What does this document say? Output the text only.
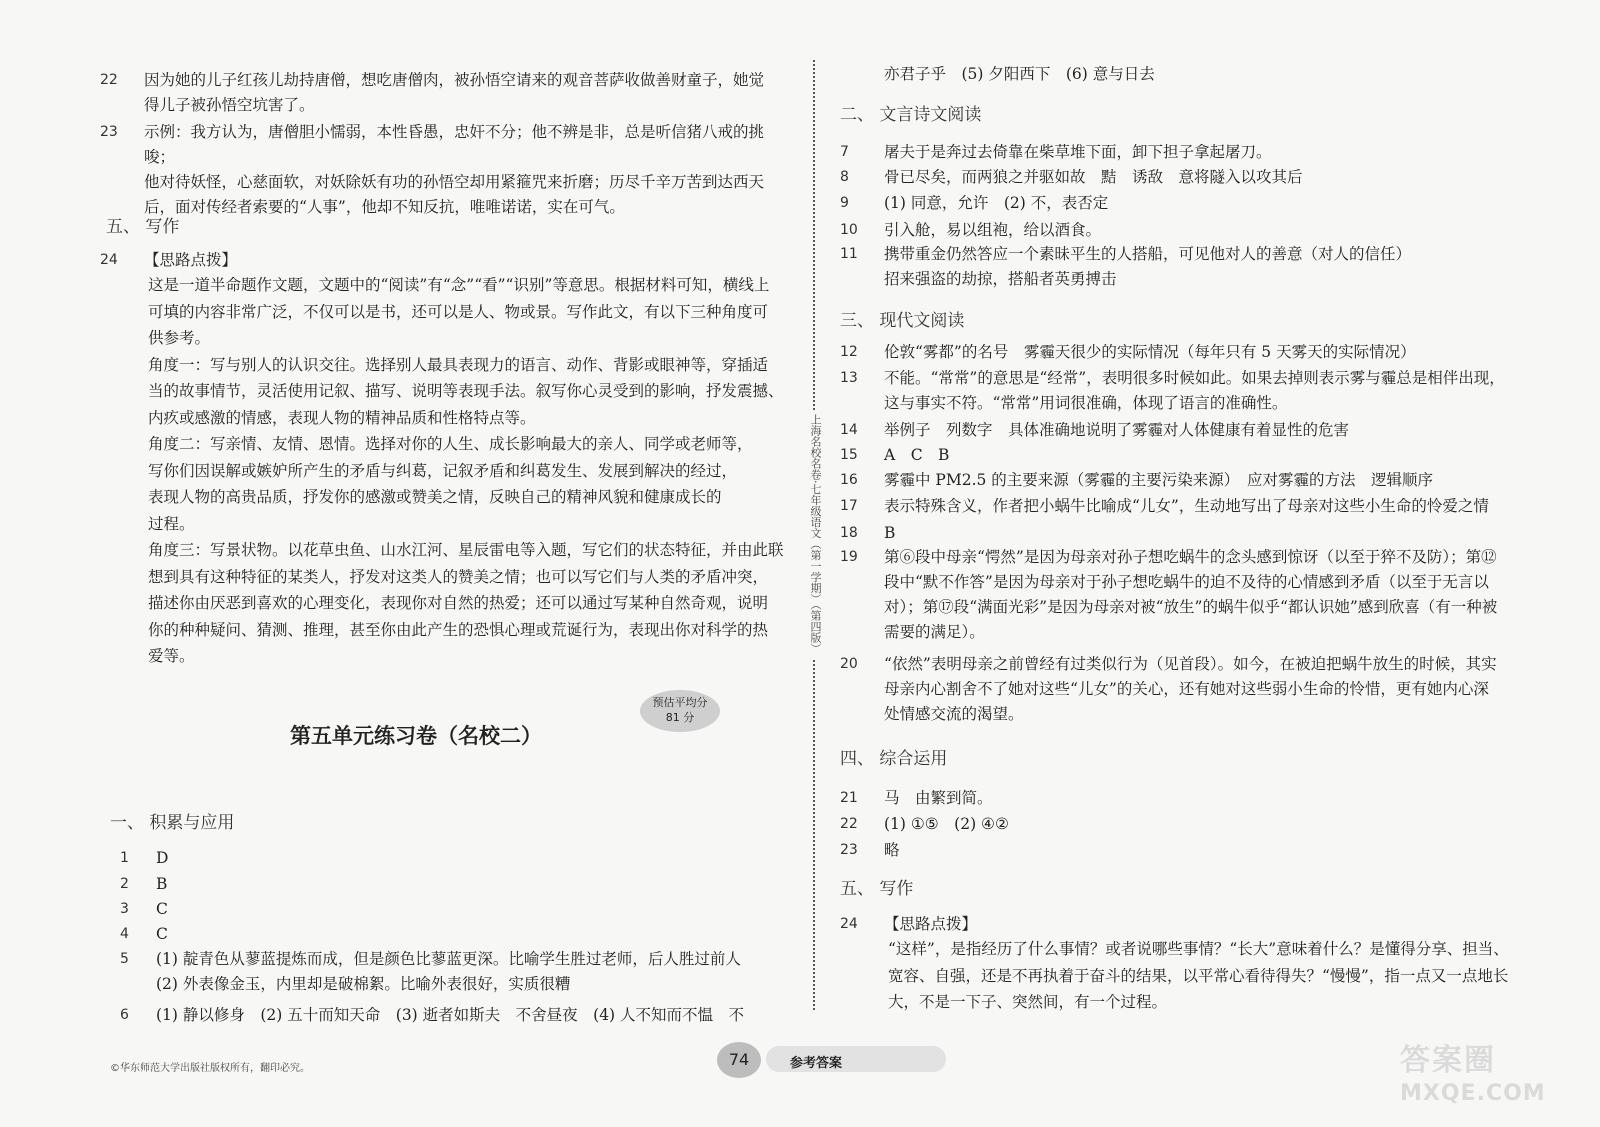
22	因为她的儿子红孩儿劫持唐僧，想吃唐僧肉，被孙悟空请来的观音菩萨收做善财童子，她觉
得儿子被孙悟空坑害了。
23	示例：我方认为，唐僧胆小懦弱，本性昏愚，忠奸不分；他不辨是非，总是听信猪八戒的挑唆；
他对待妖怪，心慈面软，对妖除妖有功的孙悟空却用紧箍咒来折磨；历尽千辛万苦到达西天
后，面对传经者索要的“人事”，他却不知反抗，唯唯诺诺，实在可气。
五、 写作
24	【思路点拨】
这是一道半命题作文题，文题中的“阅读”有“念”“看”“识别”等意思。根据材料可知，横线上
可填的内容非常广泛，不仅可以是书，还可以是人、物或景。写作此文，有以下三种角度可
供参考。
角度一：写与别人的认识交往。选择别人最具表现力的语言、动作、背影或眼神等，穿插适
当的故事情节，灵活使用记叙、描写、说明等表现手法。叙写你心灵受到的影响，抒发震撼、
内疚或感激的情感，表现人物的精神品质和性格特点等。
角度二：写亲情、友情、恩情。选择对你的人生、成长影响最大的亲人、同学或老师等，
写你们因误解或嫉妒所产生的矛盾与纠葛，记叙矛盾和纠葛发生、发展到解决的经过，
表现人物的高贵品质，抒发你的感激或赞美之情，反映自己的精神风貌和健康成长的
过程。
角度三：写景状物。以花草虫鱼、山水江河、星辰雷电等入题，写它们的状态特征，并由此联
想到具有这种特征的某类人，抒发对这类人的赞美之情；也可以写它们与人类的矛盾冲突，
描述你由厌恶到喜欢的心理变化，表现你对自然的热爱；还可以通过写某种自然奇观，说明
你的种种疑问、猜测、推理，甚至你由此产生的恐惧心理或荒诞行为，表现出你对科学的热
爱等。
预估平均分
81 分
第五单元练习卷（名校二）
一、 积累与应用
1	D
2	B
3	C
4	C
5	(1) 靛青色从蓼蓝提炼而成，但是颜色比蓼蓝更深。比喻学生胜过老师，后人胜过前人
(2) 外表像金玉，内里却是破棉絮。比喻外表很好，实质很糟
6	(1) 静以修身　(2) 五十而知天命　(3) 逝者如斯夫　不舍昼夜　(4) 人不知而不愠　不
©华东师范大学出版社版权所有，翻印必究。
上海名校名卷·七年级语文（第一学期）（第四版）
亦君子乎　(5) 夕阳西下　(6) 意与日去
二、 文言诗文阅读
7	屠夫于是奔过去倚靠在柴草堆下面，卸下担子拿起屠刀。
8	骨已尽矣，而两狼之并驱如故　黠　诱敌　意将隧入以攻其后
9	(1) 同意，允许　(2) 不，表否定
10	引入舱，易以组袍，给以酒食。
11	携带重金仍然答应一个素昧平生的人搭船，可见他对人的善意（对人的信任）
招来强盗的劫掠，搭船者英勇搏击
三、 现代文阅读
12	伦敦“雾都”的名号　雾霾天很少的实际情况（每年只有 5 天雾天的实际情况）
13	不能。“常常”的意思是“经常”，表明很多时候如此。如果去掉则表示雾与霾总是相伴出现，
这与事实不符。“常常”用词很准确，体现了语言的准确性。
14	举例子　列数字　具体准确地说明了雾霾对人体健康有着显性的危害
15	A　C　B
16	雾霾中 PM2.5 的主要来源（雾霾的主要污染来源）　应对雾霾的方法　逻辑顺序
17	表示特殊含义，作者把小蜗牛比喻成“儿女”，生动地写出了母亲对这些小生命的怜爱之情
18	B
19	第⑥段中母亲“愕然”是因为母亲对孙子想吃蜗牛的念头感到惊讶（以至于猝不及防）；第⑫
段中“默不作答”是因为母亲对于孙子想吃蜗牛的迫不及待的心情感到矛盾（以至于无言以
对）；第⑰段“满面光彩”是因为母亲对被“放生”的蜗牛似乎“都认识她”感到欣喜（有一种被
需要的满足）。
20	“依然”表明母亲之前曾经有过类似行为（见首段）。如今，在被迫把蜗牛放生的时候，其实
母亲内心割舍不了她对这些“儿女”的关心，还有她对这些弱小生命的怜惜，更有她内心深
处情感交流的渴望。
四、 综合运用
21	马　由繁到简。
22	(1) ①⑤　(2) ④②
23	略
五、 写作
24	【思路点拨】
“这样”，是指经历了什么事情？或者说哪些事情？“长大”意味着什么？是懂得分享、担当、
宽容、自强，还是不再执着于奋斗的结果，以平常心看待得失？“慢慢”，指一点又一点地长
大，不是一下子、突然间，有一个过程。
74	参考答案	答案圈
MXQE.COM
